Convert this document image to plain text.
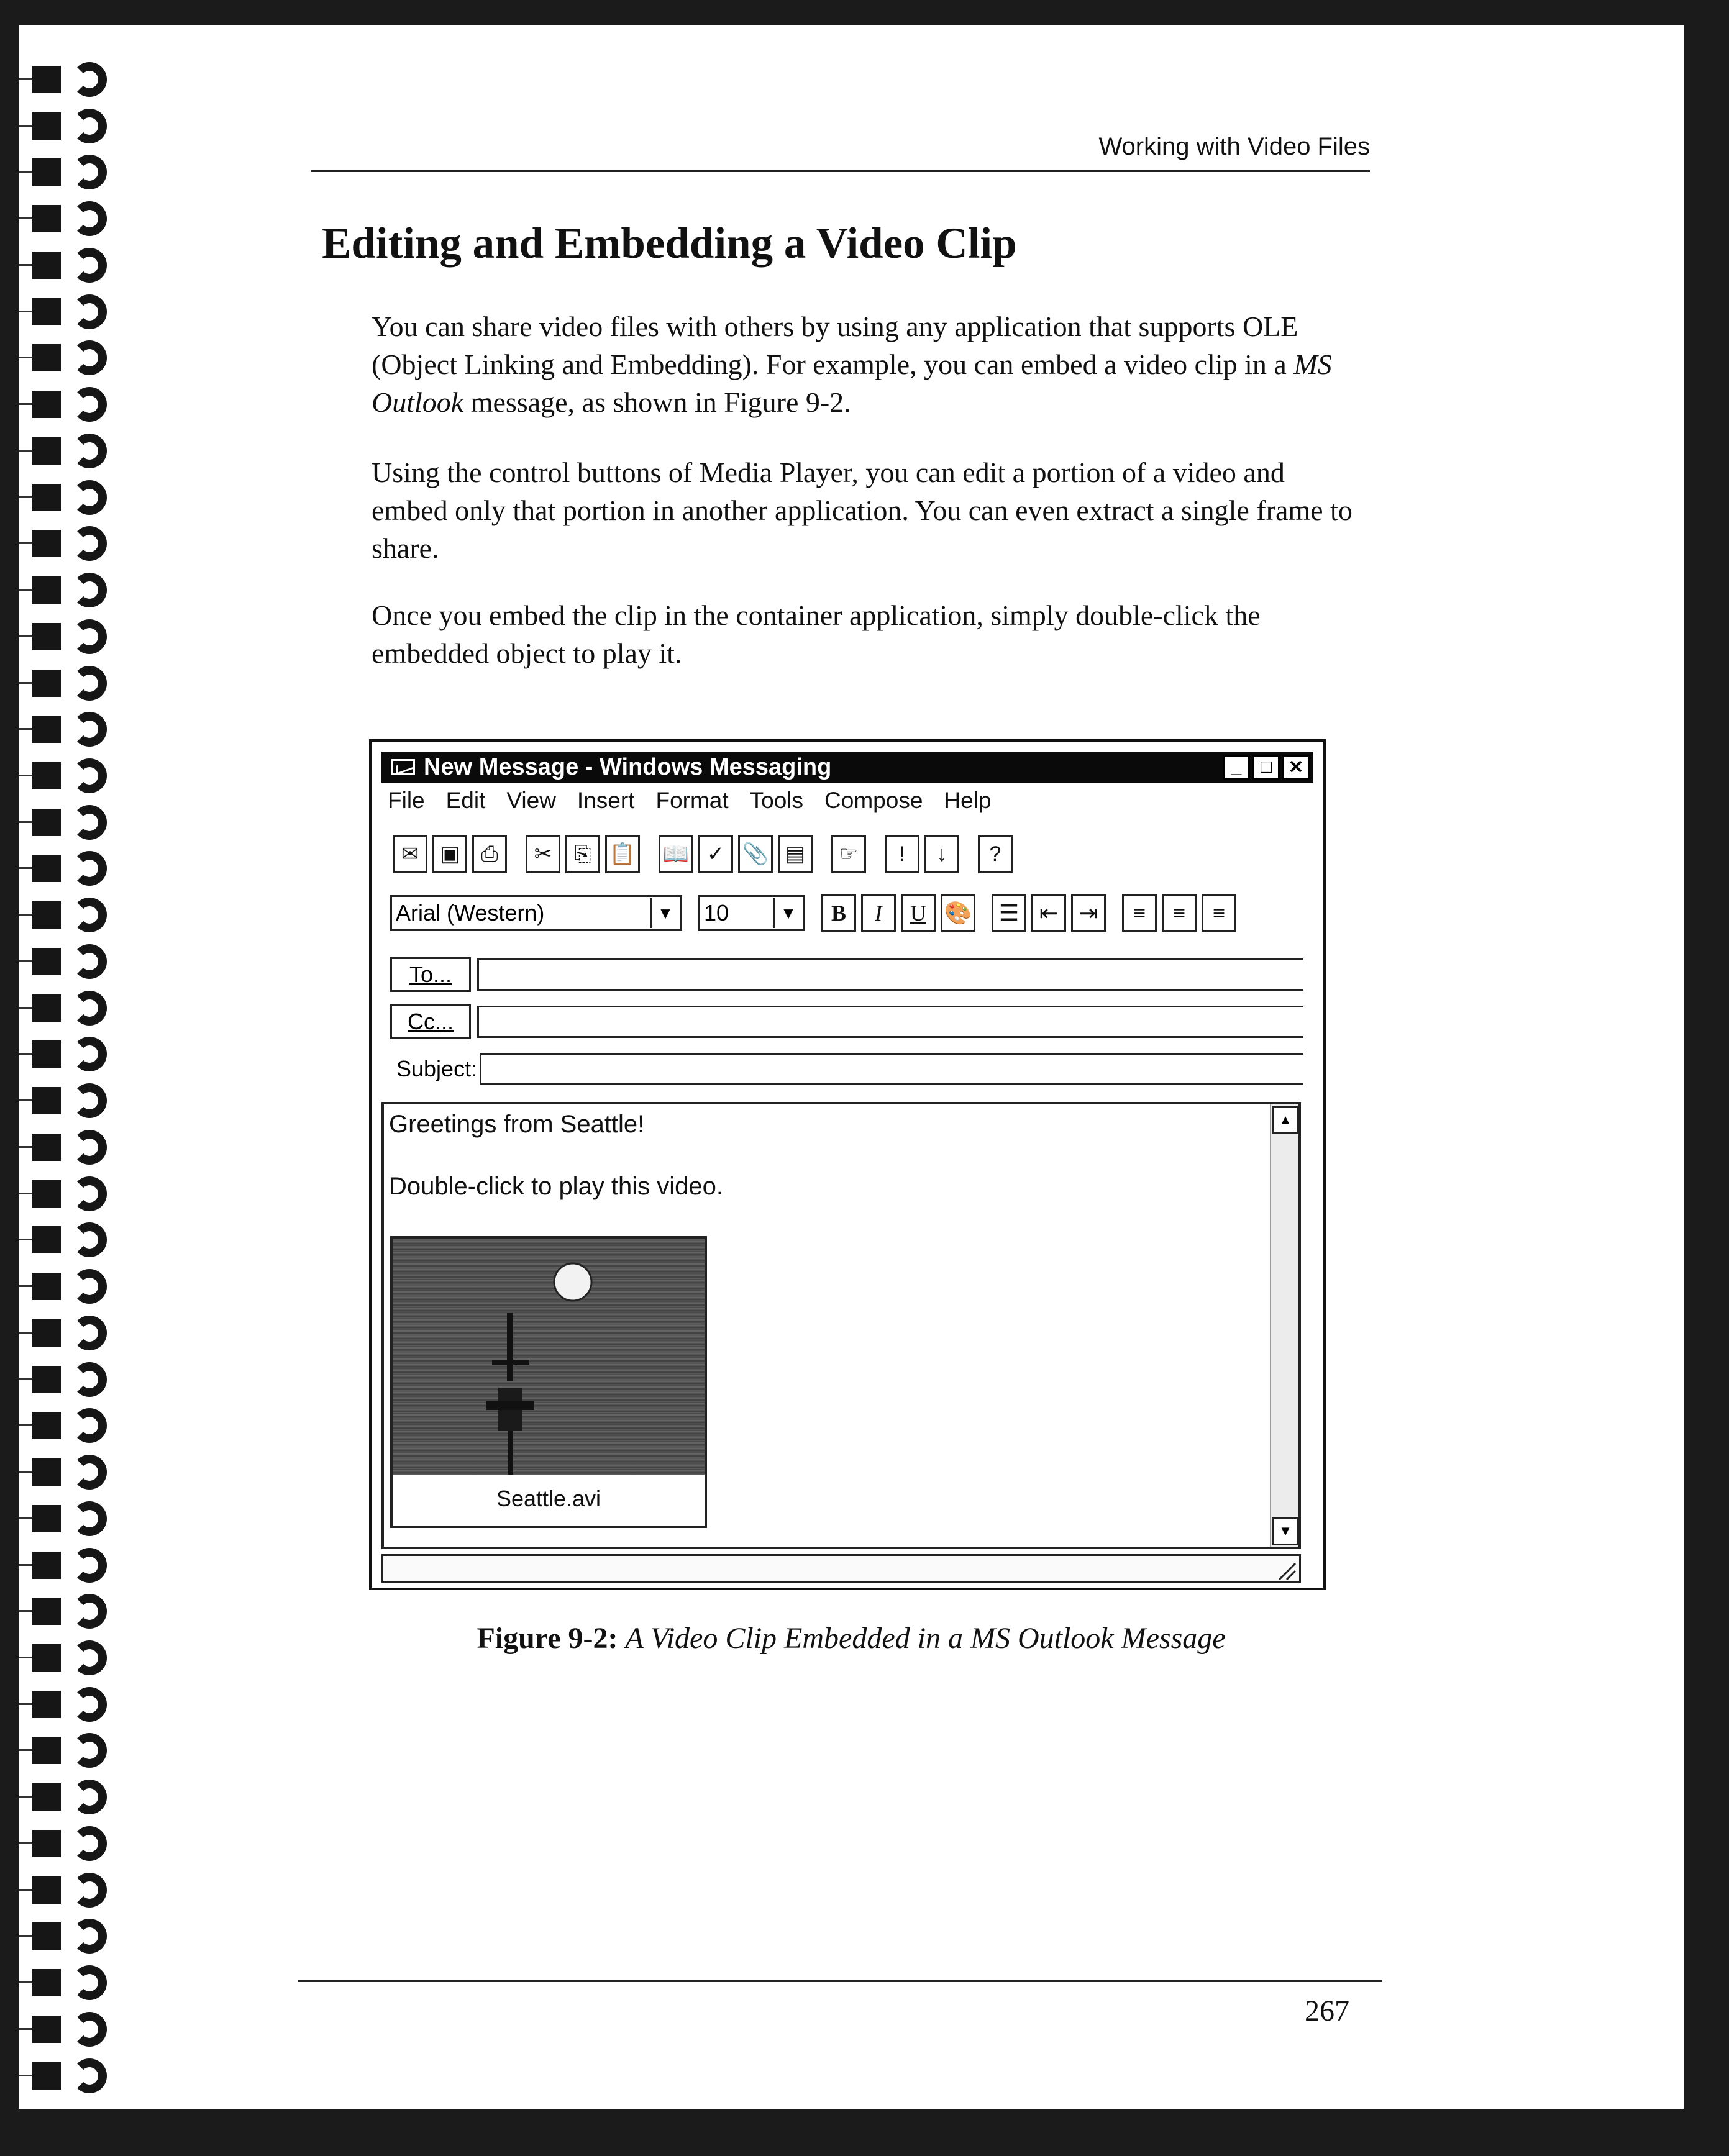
Working with Video Files
Editing and Embedding a Video Clip

You can share video files with others by using any application that supports OLE (Object Linking and Embedding). For example, you can embed a video clip in a MS Outlook message, as shown in Figure 9-2.

Using the control buttons of Media Player, you can edit a portion of a video and embed only that portion in another application. You can even extract a single frame to share.

Once you embed the clip in the container application, simply double-click the embedded object to play it.

New Message - Windows Messaging	_	□ ✕
File Edit View Insert Format Tools Compose Help
✉ ▣	⎙	✂	⎘ 📋 📖 ✓ 📎 ▤	☞	!	↓	?
Arial (Western)	▼ 10	▼	B	I	U 🎨	☰ ⇤ ⇥	≡	≡	≡
To...
Cc...
Subject:
Greetings from Seattle!
Double-click to play this video.
Seattle.avi
▲
▼

Figure 9-2: A Video Clip Embedded in a MS Outlook Message

267
